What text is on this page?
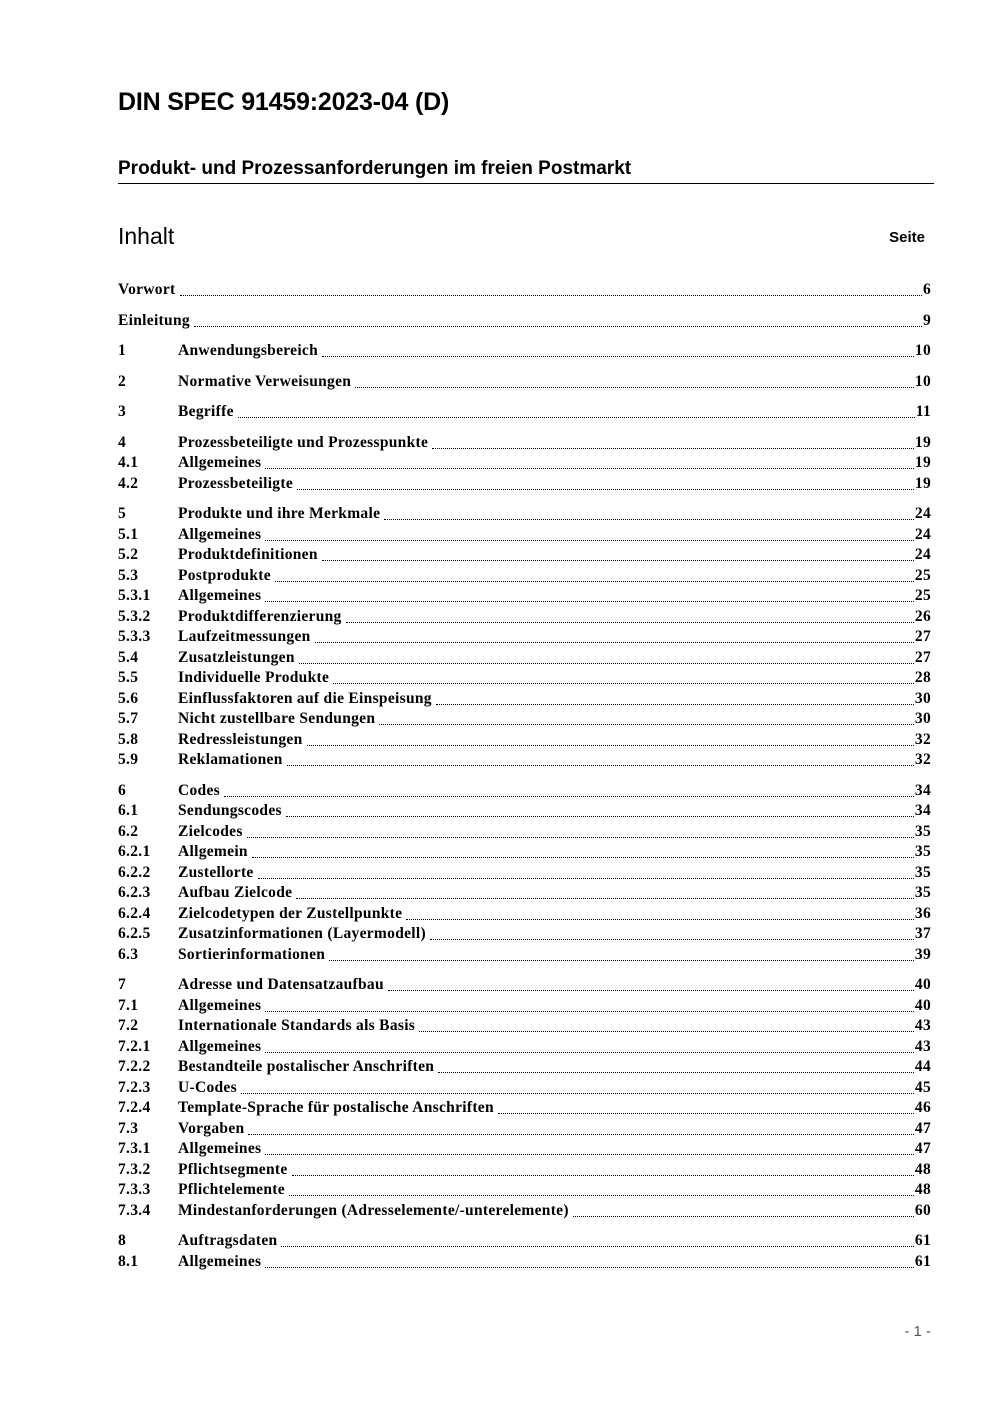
DIN SPEC 91459:2023-04 (D)
Produkt- und Prozessanforderungen im freien Postmarkt
Inhalt	Seite
Vorwort	6
Einleitung	9
1	Anwendungsbereich	10
2	Normative Verweisungen	10
3	Begriffe	11
4	Prozessbeteiligte und Prozesspunkte	19
4.1	Allgemeines	19
4.2	Prozessbeteiligte	19
5	Produkte und ihre Merkmale	24
5.1	Allgemeines	24
5.2	Produktdefinitionen	24
5.3	Postprodukte	25
5.3.1	Allgemeines	25
5.3.2	Produktdifferenzierung	26
5.3.3	Laufzeitmessungen	27
5.4	Zusatzleistungen	27
5.5	Individuelle Produkte	28
5.6	Einflussfaktoren auf die Einspeisung	30
5.7	Nicht zustellbare Sendungen	30
5.8	Redressleistungen	32
5.9	Reklamationen	32
6	Codes	34
6.1	Sendungscodes	34
6.2	Zielcodes	35
6.2.1	Allgemein	35
6.2.2	Zustellorte	35
6.2.3	Aufbau Zielcode	35
6.2.4	Zielcodetypen der Zustellpunkte	36
6.2.5	Zusatzinformationen (Layermodell)	37
6.3	Sortierinformationen	39
7	Adresse und Datensatzaufbau	40
7.1	Allgemeines	40
7.2	Internationale Standards als Basis	43
7.2.1	Allgemeines	43
7.2.2	Bestandteile postalischer Anschriften	44
7.2.3	U-Codes	45
7.2.4	Template-Sprache für postalische Anschriften	46
7.3	Vorgaben	47
7.3.1	Allgemeines	47
7.3.2	Pflichtsegmente	48
7.3.3	Pflichtelemente	48
7.3.4	Mindestanforderungen (Adresselemente/-unterelemente)	60
8	Auftragsdaten	61
8.1	Allgemeines	61
- 1 -
